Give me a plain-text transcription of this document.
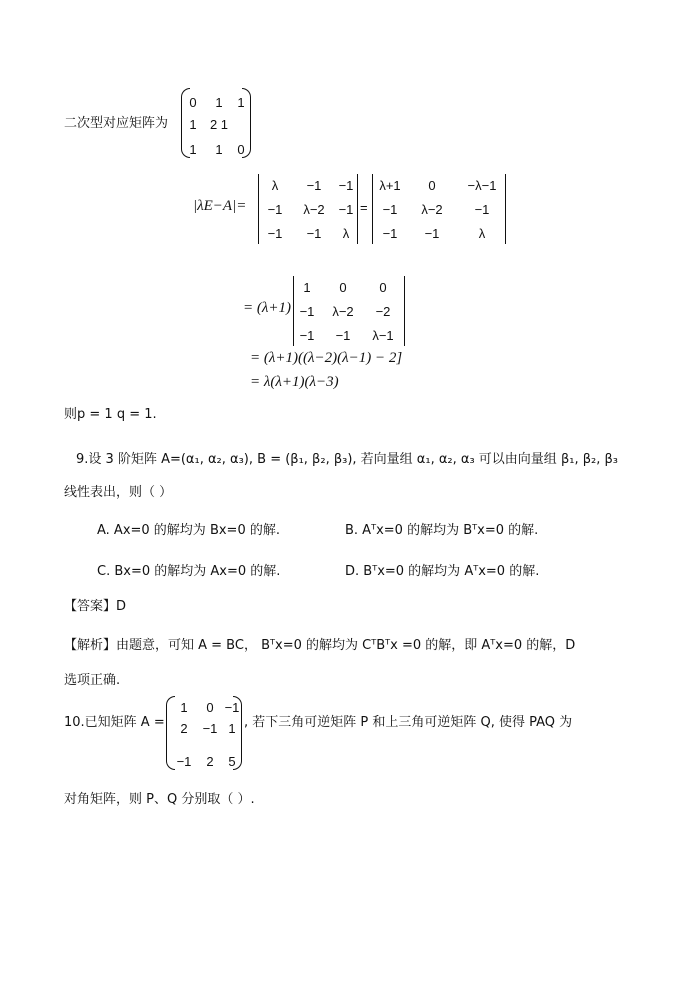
二次型对应矩阵为
0	1	1
1	2 1
1	1	0
|λE−A|=
λ	−1	−1
−1	λ−2	−1
−1	−1	λ
=
λ+1	0	−λ−1
−1	λ−2	−1
−1	−1	λ
= (λ+1)
1	0	0
−1	λ−2	−2
−1	−1	λ−1
= (λ+1)((λ−2)(λ−1) − 2]
= λ(λ+1)(λ−3)
则p = 1 q = 1.
9.设 3 阶矩阵 A=(α₁, α₂, α₃), B = (β₁, β₂, β₃), 若向量组 α₁, α₂, α₃ 可以由向量组 β₁, β₂, β₃
线性表出，则（ ）
A. Ax=0 的解均为 Bx=0 的解.	B. Aᵀx=0 的解均为 Bᵀx=0 的解.
C. Bx=0 的解均为 Ax=0 的解.	D. Bᵀx=0 的解均为 Aᵀx=0 的解.
【答案】D
【解析】由题意，可知 A = BC， Bᵀx=0 的解均为 CᵀBᵀx =0 的解，即 Aᵀx=0 的解，D
选项正确.
10.已知矩阵 A =
1	0 −1
2	−1 1
−1	2	5
, 若下三角可逆矩阵 P 和上三角可逆矩阵 Q, 使得 PAQ 为
对角矩阵，则 P、Q 分别取（ ）.
